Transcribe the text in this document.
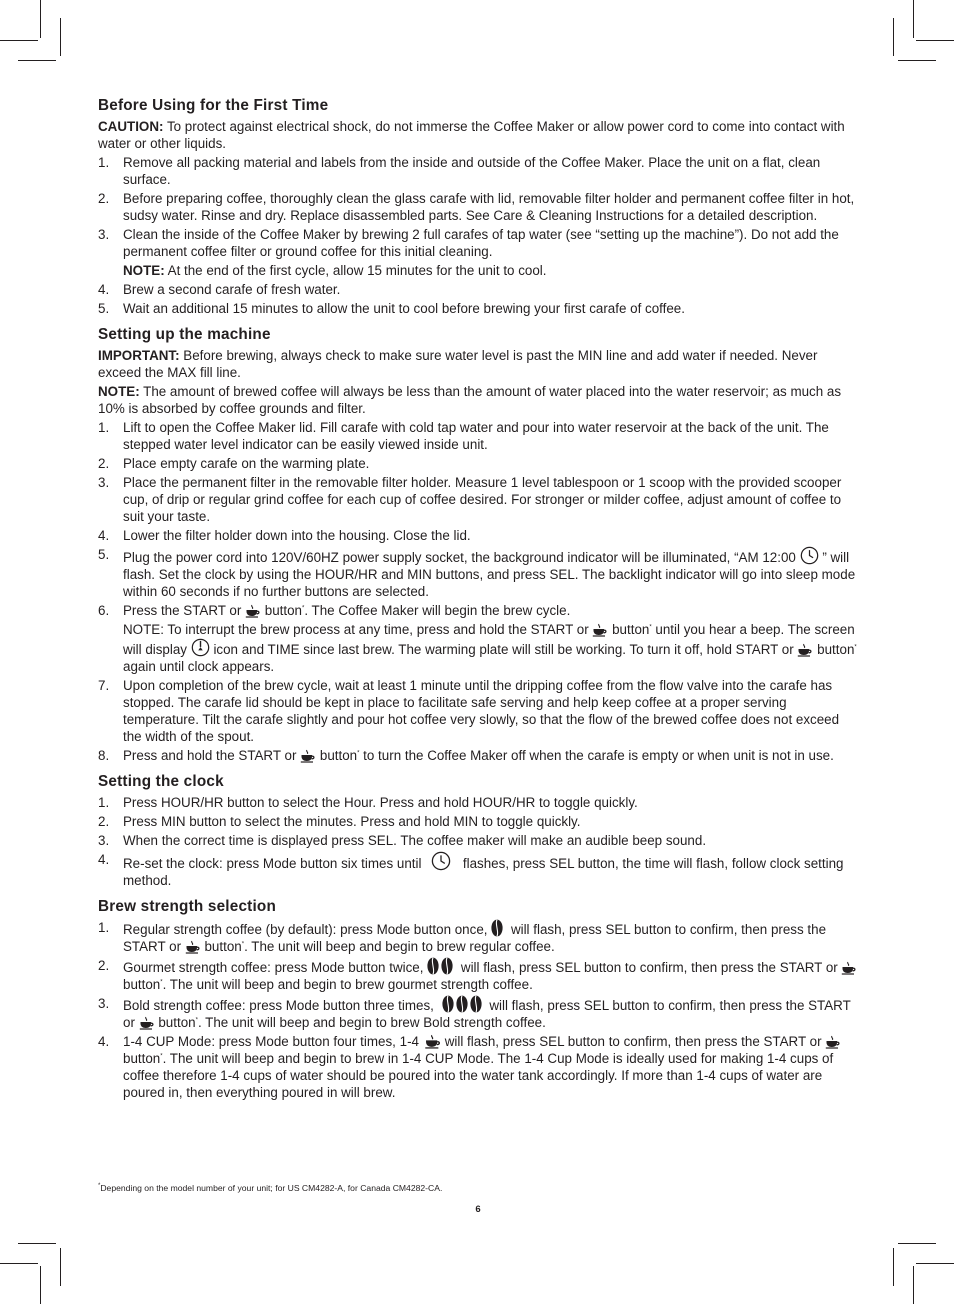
Before Using for the First Time

CAUTION: To protect against electrical shock, do not immerse the Coffee Maker or allow power cord to come into contact with water or other liquids.

1. Remove all packing material and labels from the inside and outside of the Coffee Maker. Place the unit on a flat, clean surface.
2. Before preparing coffee, thoroughly clean the glass carafe with lid, removable filter holder and permanent coffee filter in hot, sudsy water. Rinse and dry. Replace disassembled parts. See Care & Cleaning Instructions for a detailed description.
3. Clean the inside of the Coffee Maker by brewing 2 full carafes of tap water (see “setting up the machine”). Do not add the permanent coffee filter or ground coffee for this initial cleaning.

NOTE: At the end of the first cycle, allow 15 minutes for the unit to cool.

4. Brew a second carafe of fresh water.
5. Wait an additional 15 minutes to allow the unit to cool before brewing your first carafe of coffee.
Setting up the machine

IMPORTANT: Before brewing, always check to make sure water level is past the MIN line and add water if needed. Never exceed the MAX fill line.

NOTE: The amount of brewed coffee will always be less than the amount of water placed into the water reservoir; as much as 10% is absorbed by coffee grounds and filter.

1. Lift to open the Coffee Maker lid. Fill carafe with cold tap water and pour into water reservoir at the back of the unit. The stepped water level indicator can be easily viewed inside unit.
2. Place empty carafe on the warming plate.
3. Place the permanent filter in the removable filter holder. Measure 1 level tablespoon or 1 scoop with the provided scooper cup, of drip or regular grind coffee for each cup of coffee desired. For stronger or milder coffee, adjust amount of coffee to suit your taste.
4. Lower the filter holder down into the housing. Close the lid.
5. Plug the power cord into 120V/60HZ power supply socket, the background indicator will be illuminated, “AM 12:00
” will flash. Set the clock by using the HOUR/HR and MIN buttons, and press SEL. The backlight indicator will go into sleep mode within 60 seconds if no further buttons are selected.
6. Press the START or
button*. The Coffee Maker will begin the brew cycle.

NOTE: To interrupt the brew process at any time, press and hold the START or
button* until you hear a beep. The screen will display
icon and TIME since last brew. The warming plate will still be working. To turn it off, hold START or
button* again until clock appears.

7. Upon completion of the brew cycle, wait at least 1 minute until the dripping coffee from the flow valve into the carafe has stopped. The carafe lid should be kept in place to facilitate safe serving and help keep coffee at a proper serving temperature. Tilt the carafe slightly and pour hot coffee very slowly, so that the flow of the brewed coffee does not exceed the width of the spout.
8. Press and hold the START or
button* to turn the Coffee Maker off when the carafe is empty or when unit is not in use.
Setting the clock
1. Press HOUR/HR button to select the Hour. Press and hold HOUR/HR to toggle quickly.
2. Press MIN button to select the minutes. Press and hold MIN to toggle quickly.
3. When the correct time is displayed press SEL. The coffee maker will make an audible beep sound.
4. Re-set the clock: press Mode button six times until	flashes, press SEL button, the time will flash, follow clock setting method.
Brew strength selection
1. Regular strength coffee (by default): press Mode button once,
will flash, press SEL button to confirm, then press the START or
button*. The unit will beep and begin to brew regular coffee.
2. Gourmet strength coffee: press Mode button twice,
will flash, press SEL button to confirm, then press the START or
button*. The unit will beep and begin to brew gourmet strength coffee.
3. Bold strength coffee: press Mode button three times,	will flash, press SEL button to confirm, then press the START or
button*. The unit will beep and begin to brew Bold strength coffee.
4. 1-4 CUP Mode: press Mode button four times, 1-4
will flash, press SEL button to confirm, then press the START or
button*. The unit will beep and begin to brew in 1-4 CUP Mode. The 1-4 Cup Mode is ideally used for making 1-4 cups of coffee therefore 1-4 cups of water should be poured into the water tank accordingly. If more than 1-4 cups of water are poured in, then everything poured in will brew.
*Depending on the model number of your unit; for US CM4282-A, for Canada CM4282-CA.
6
